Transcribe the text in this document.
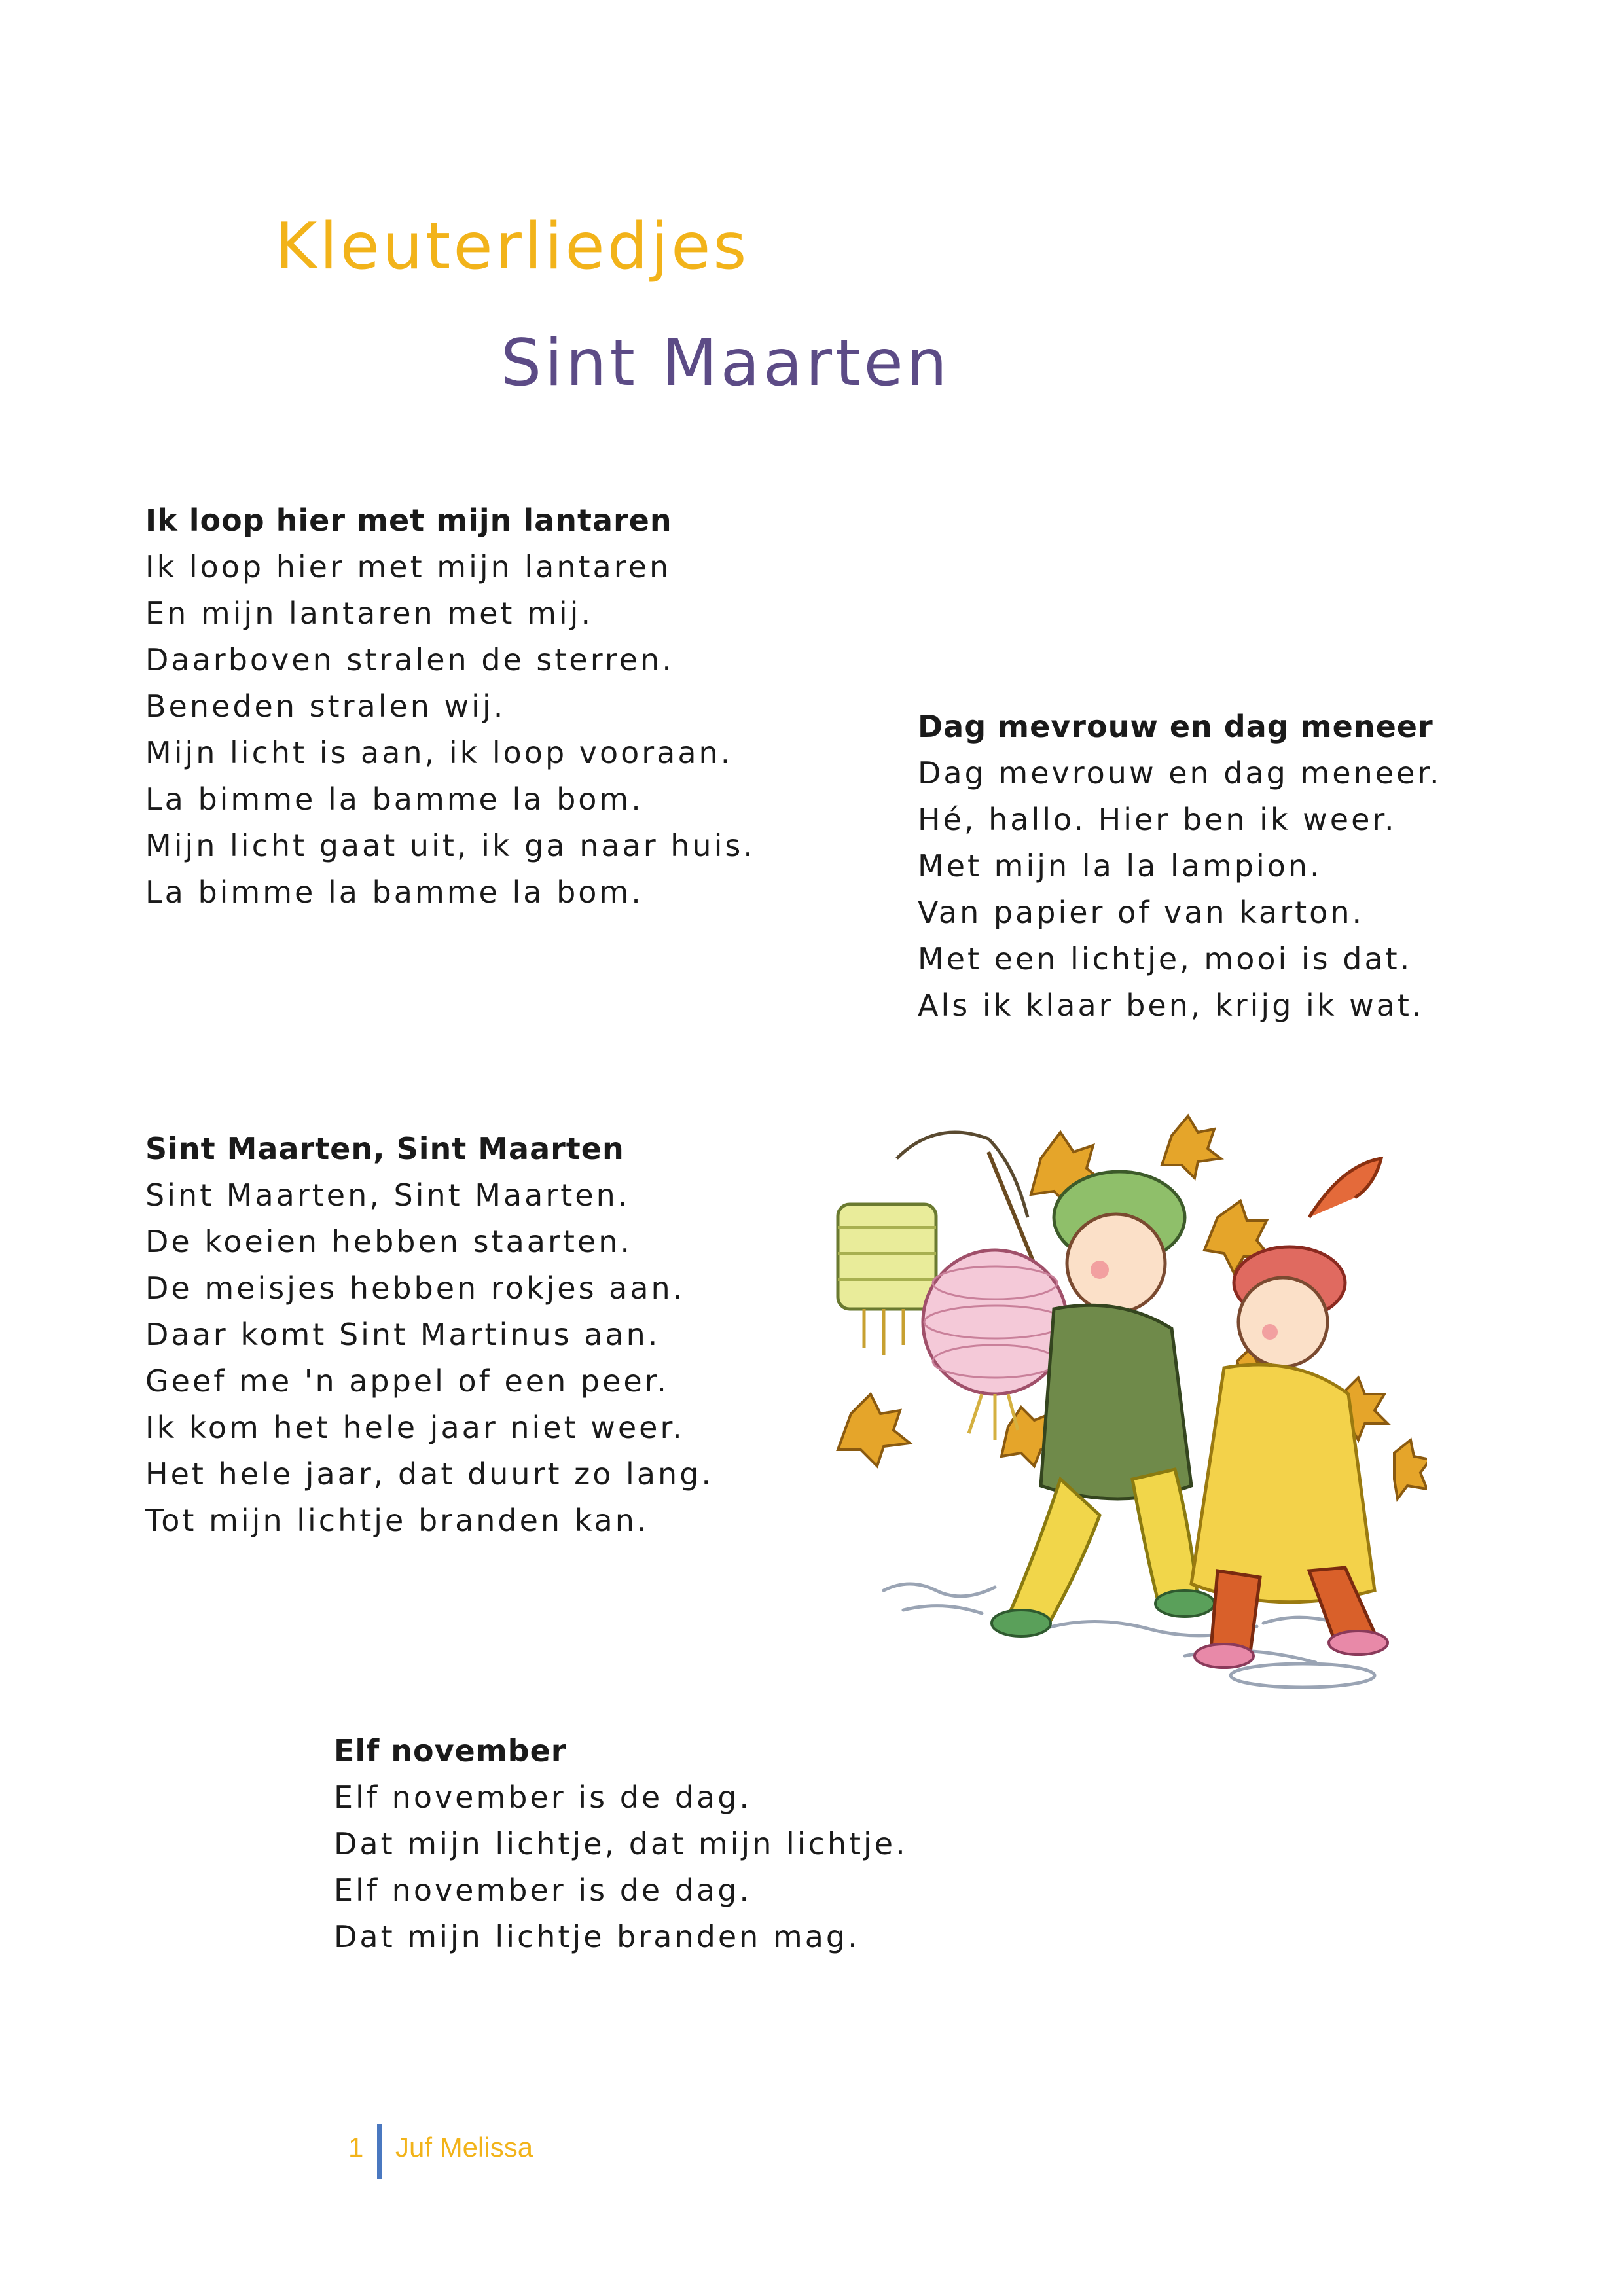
Kleuterliedjes
Sint Maarten
Ik loop hier met mijn lantaren
Ik loop hier met mijn lantaren
En mijn lantaren met mij.
Daarboven stralen de sterren.
Beneden stralen wij.
Mijn licht is aan, ik loop vooraan.
La bimme la bamme la bom.
Mijn licht gaat uit, ik ga naar huis.
La bimme la bamme la bom.
Dag mevrouw en dag meneer
Dag mevrouw en dag meneer.
Hé, hallo. Hier ben ik weer.
Met mijn la la lampion.
Van papier of van karton.
Met een lichtje, mooi is dat.
Als ik klaar ben, krijg ik wat.
Sint Maarten, Sint Maarten
Sint Maarten, Sint Maarten.
De koeien hebben staarten.
De meisjes hebben rokjes aan.
Daar komt Sint Martinus aan.
Geef me 'n appel of een peer.
Ik kom het hele jaar niet weer.
Het hele jaar, dat duurt zo lang.
Tot mijn lichtje branden kan.
Elf november
Elf november is de dag.
Dat mijn lichtje, dat mijn lichtje.
Elf november is de dag.
Dat mijn lichtje branden mag.
1 Juf Melissa
